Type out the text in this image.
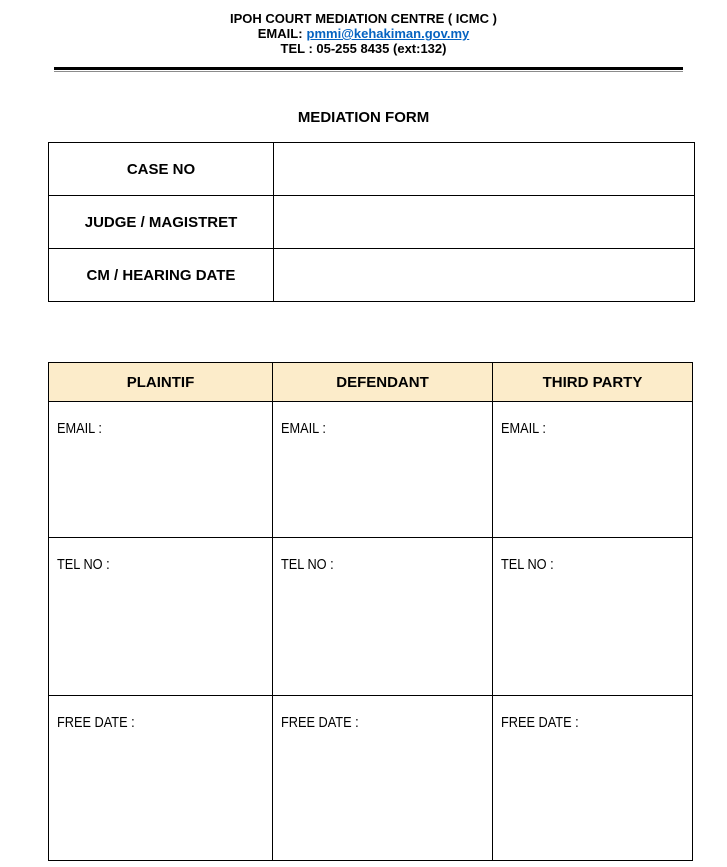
IPOH COURT MEDIATION CENTRE ( ICMC )
EMAIL: pmmi@kehakiman.gov.my
TEL : 05-255 8435 (ext:132)
MEDIATION FORM
CASE NO	
JUDGE / MAGISTRET	
CM / HEARING DATE	
PLAINTIF	DEFENDANT	THIRD PARTY
EMAIL :	EMAIL :	EMAIL :
TEL NO :	TEL NO :	TEL NO :
FREE DATE :	FREE DATE :	FREE DATE :
